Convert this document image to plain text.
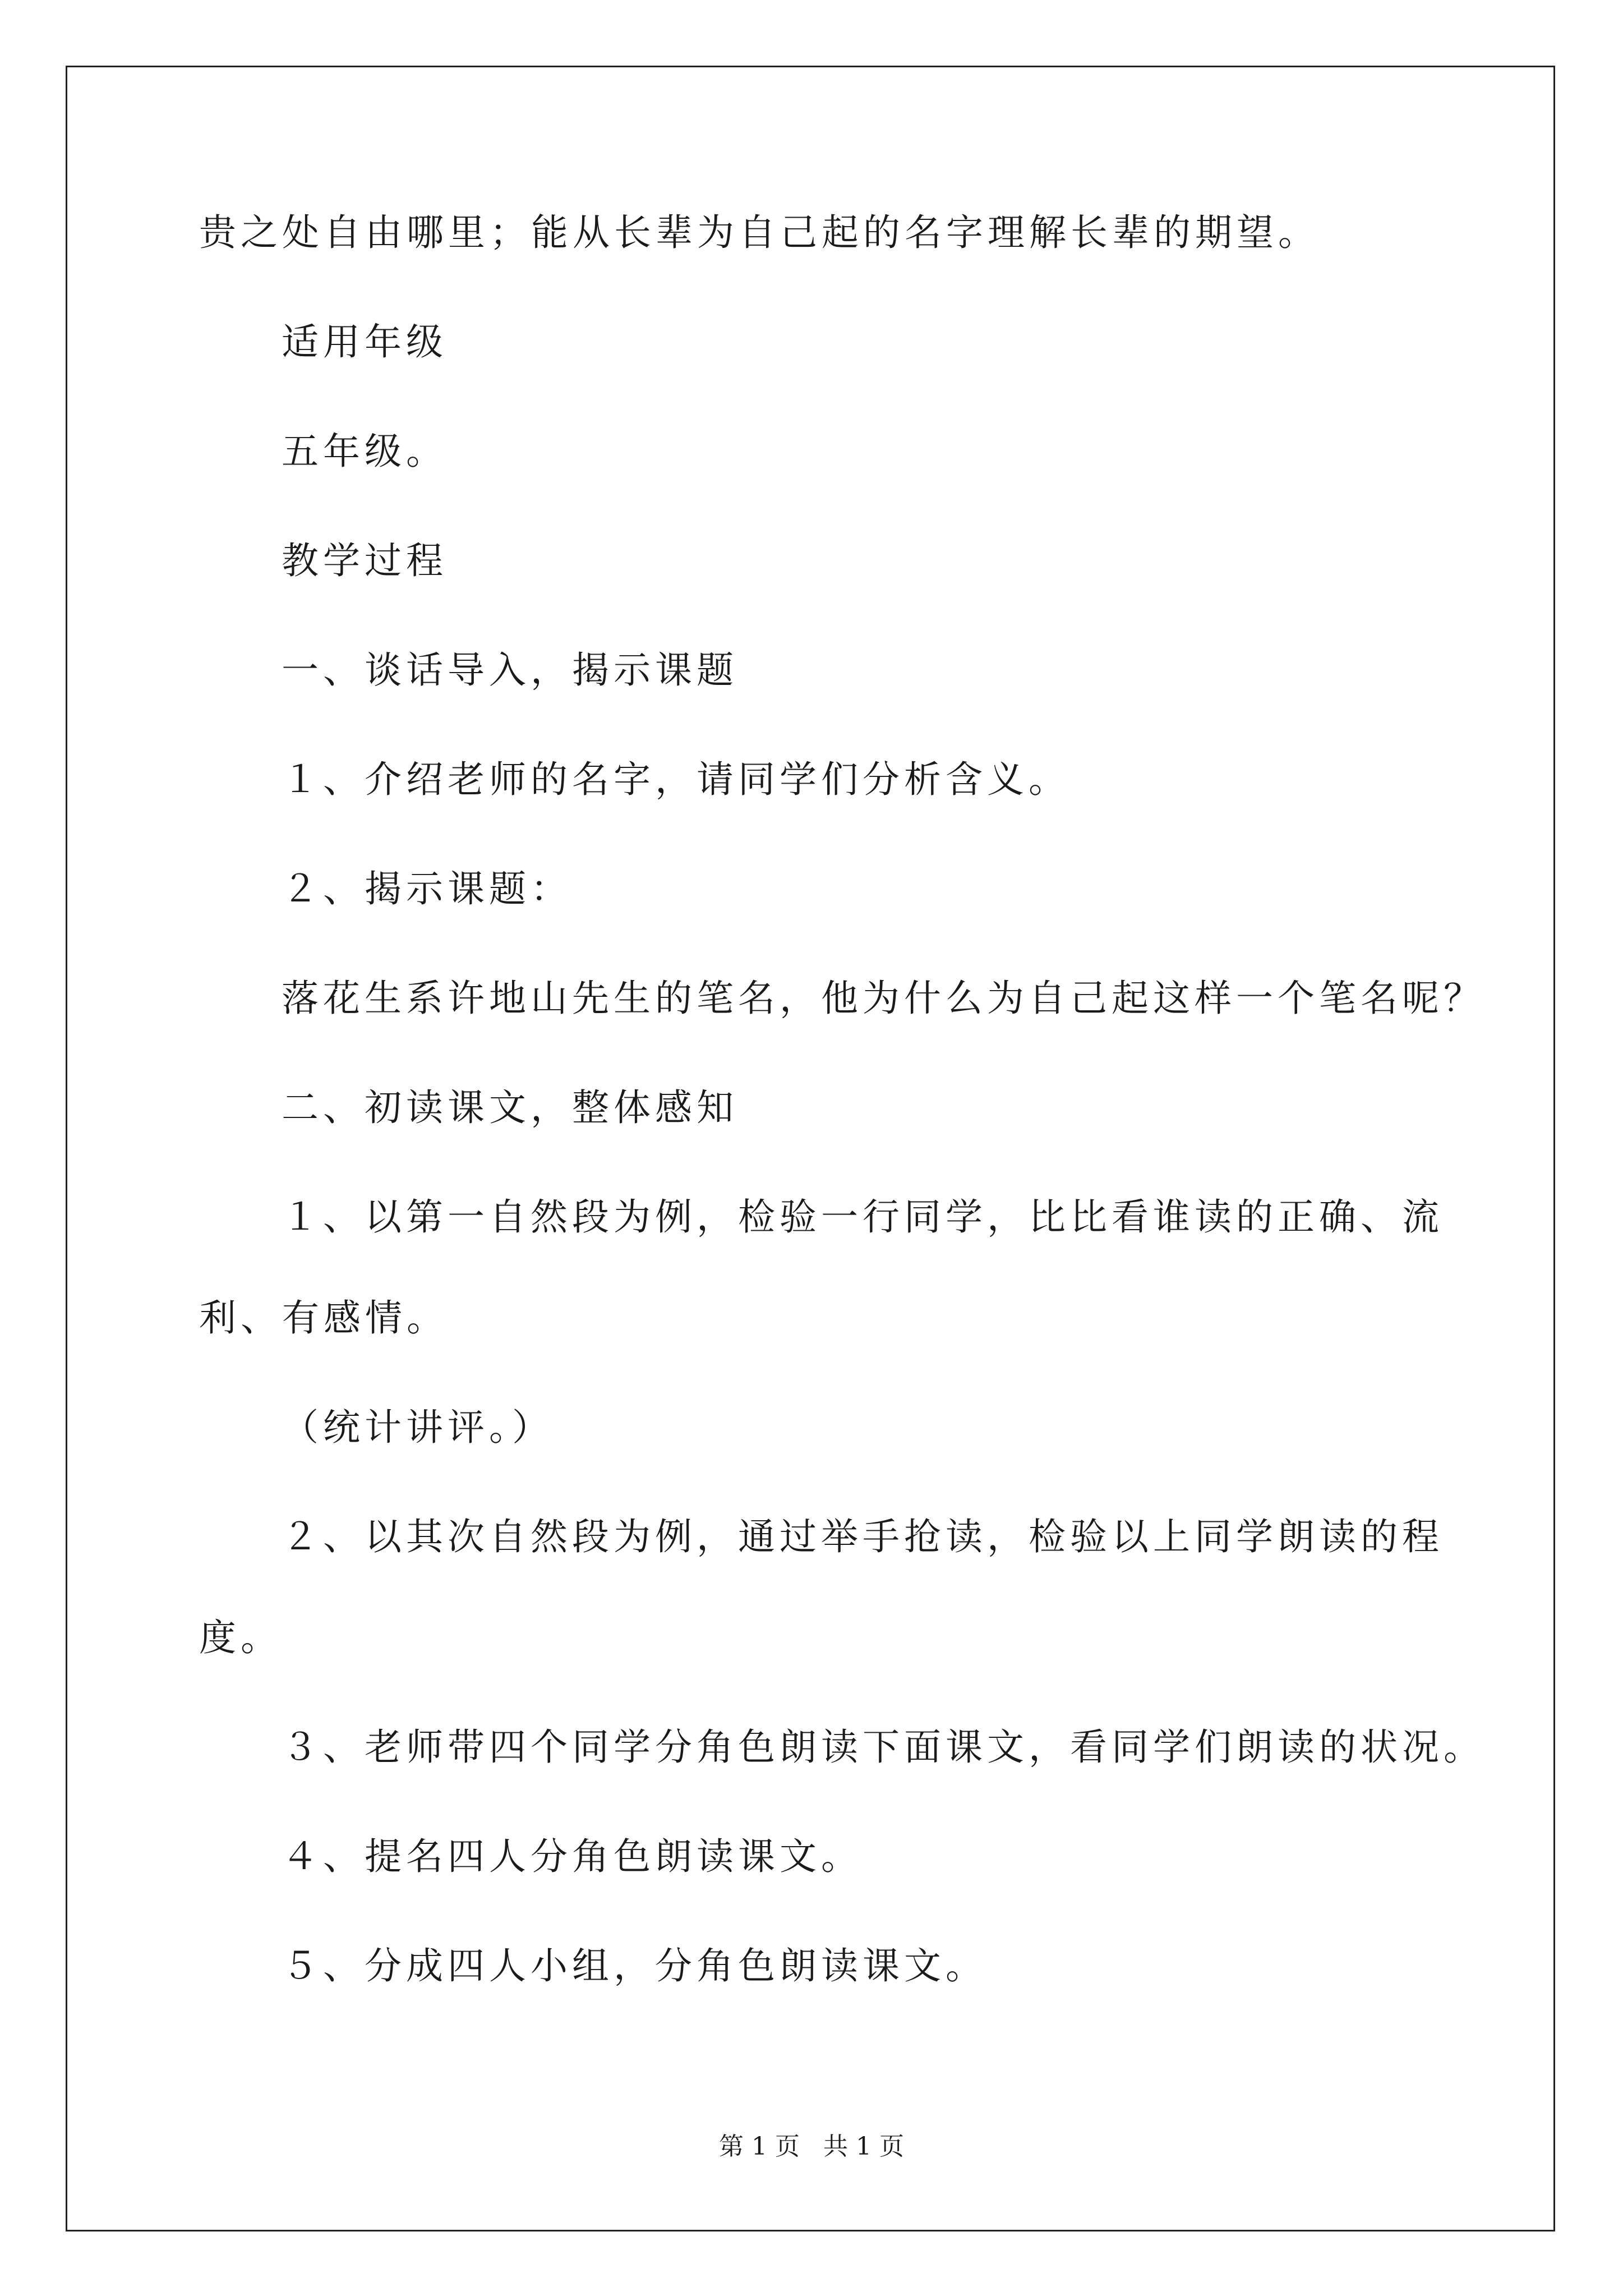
贵之处自由哪里；能从长辈为自己起的名字理解长辈的期望。
适用年级
五年级。
教学过程
一、谈话导入，揭示课题
１、介绍老师的名字，请同学们分析含义。
２、揭示课题：
落花生系许地山先生的笔名，他为什么为自己起这样一个笔名呢？
二、初读课文，整体感知
１、以第一自然段为例，检验一行同学，比比看谁读的正确、流
利、有感情。
（统计讲评。）
２、以其次自然段为例，通过举手抢读，检验以上同学朗读的程
度。
３、老师带四个同学分角色朗读下面课文，看同学们朗读的状况。
４、提名四人分角色朗读课文。
５、分成四人小组，分角色朗读课文。
第 1 页   共 1 页
